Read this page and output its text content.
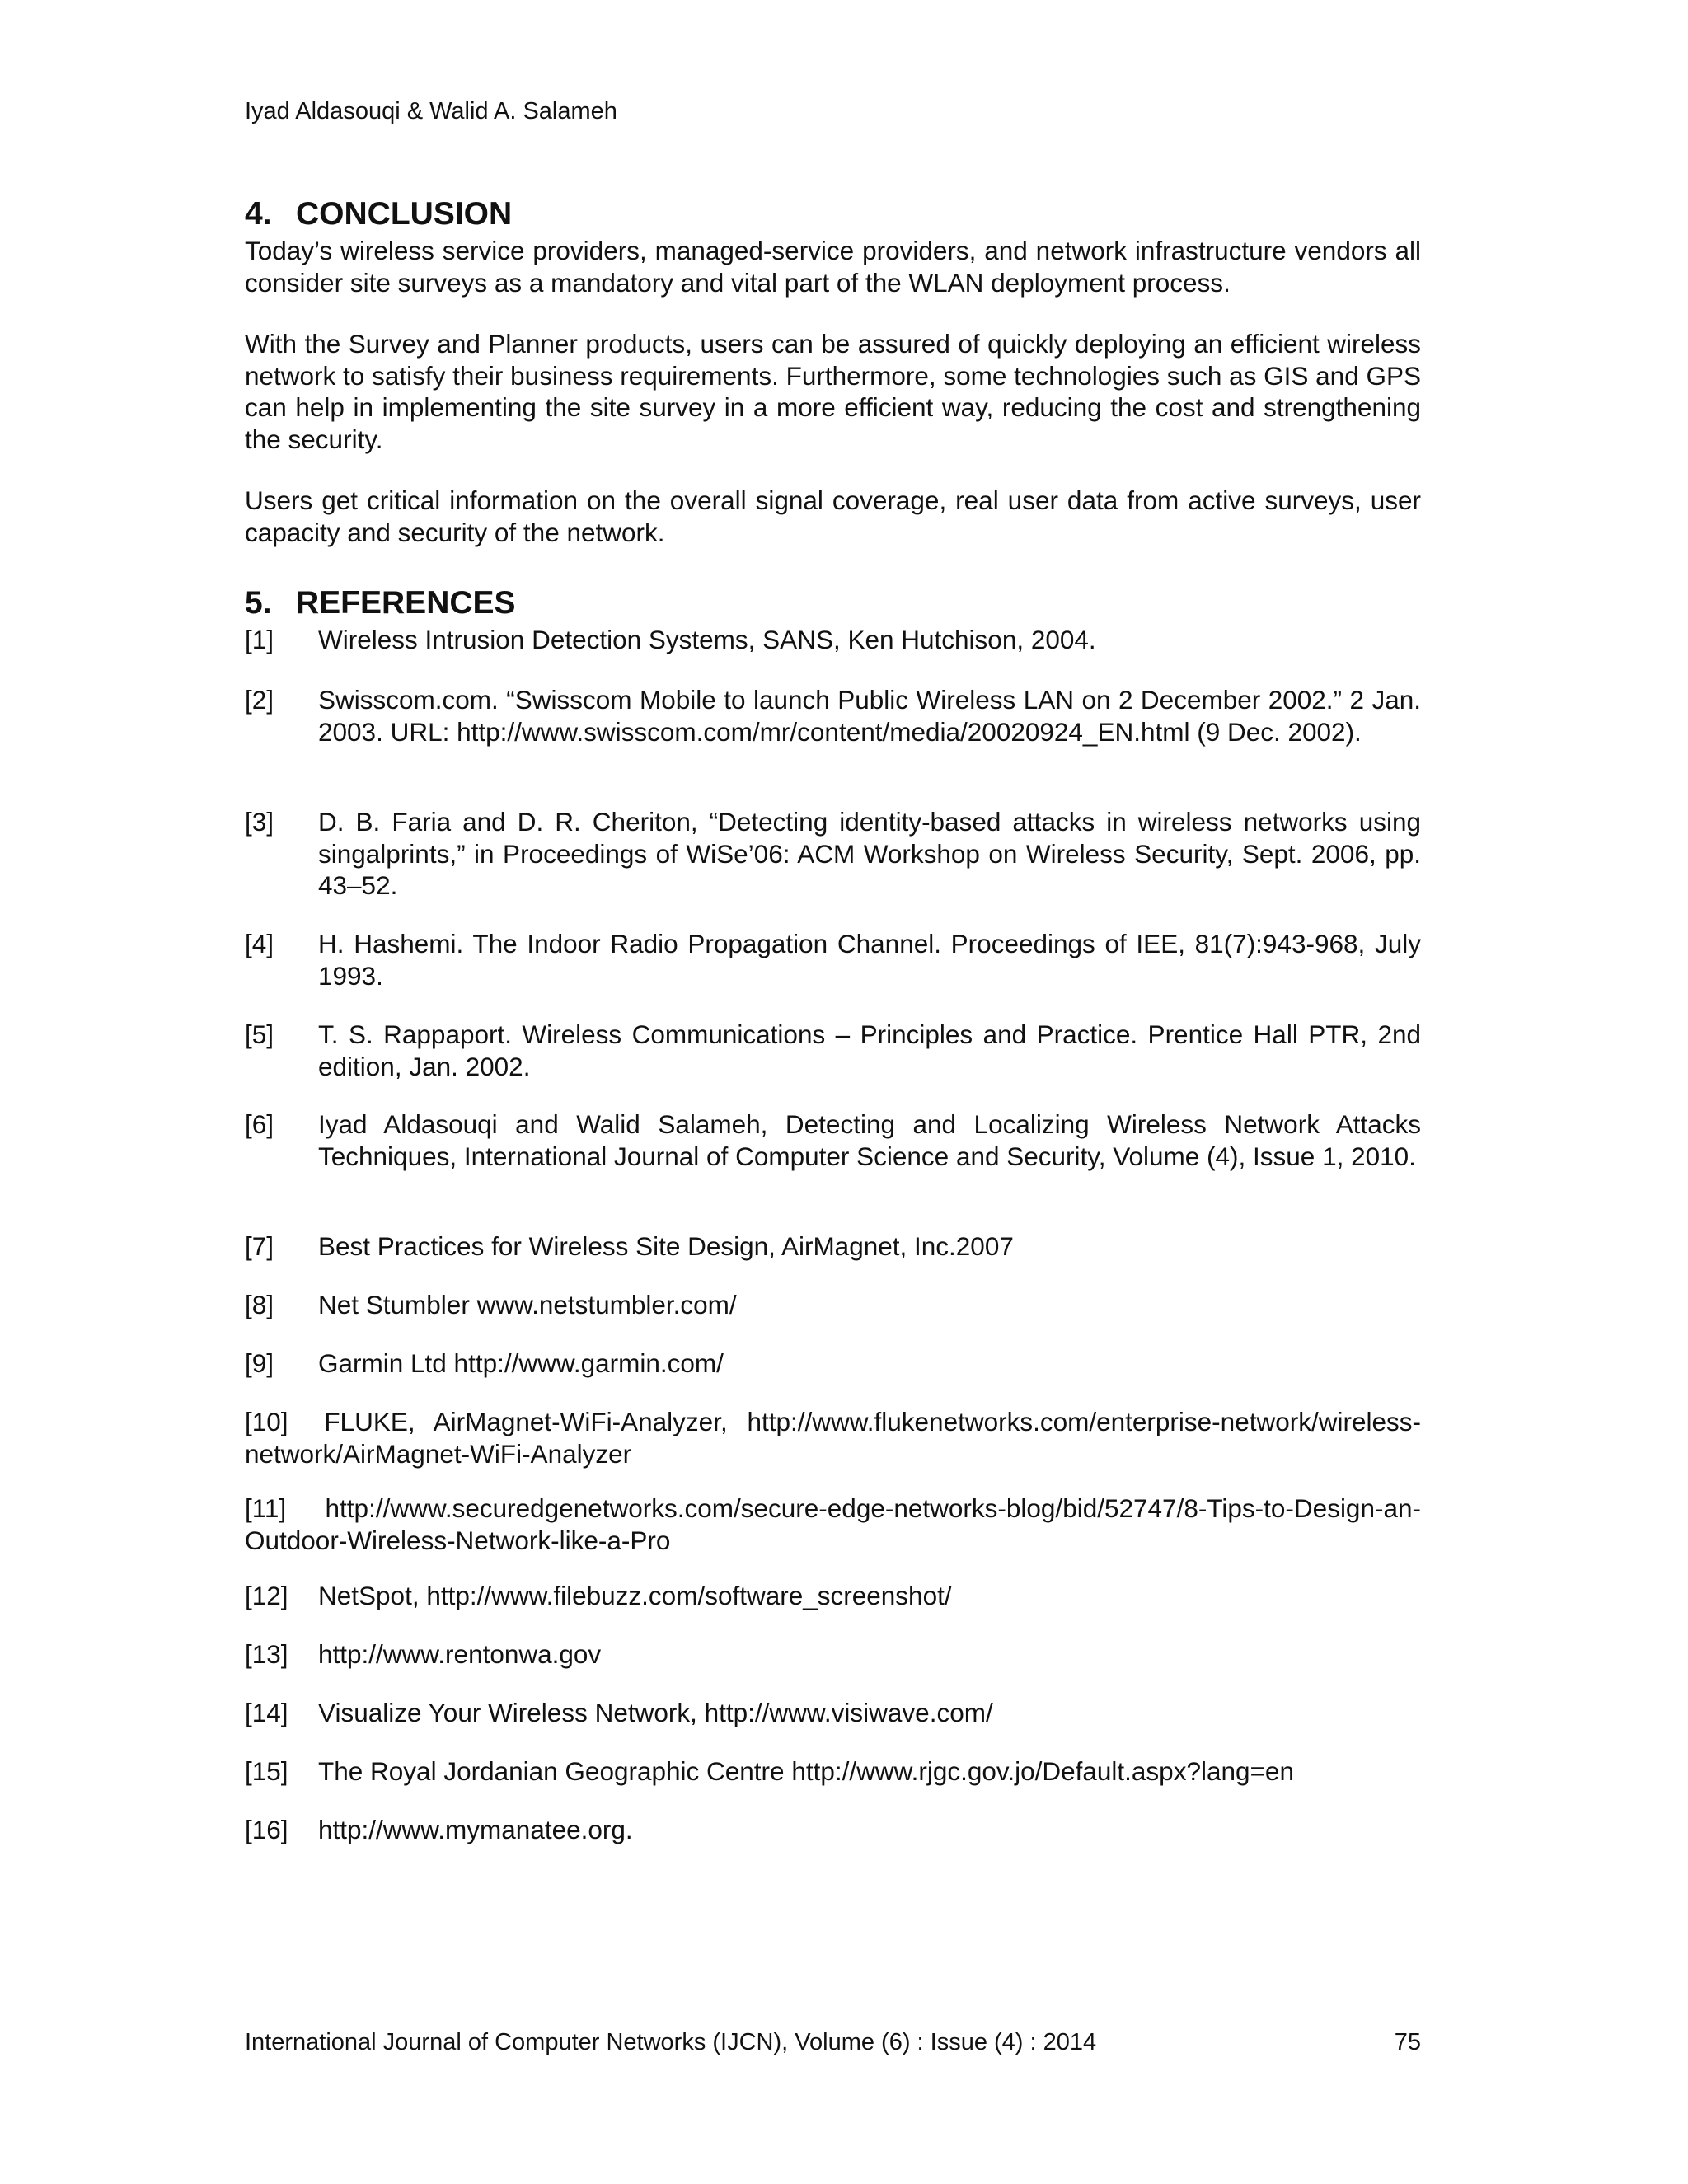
Iyad Aldasouqi & Walid A. Salameh
4. CONCLUSION

Today’s wireless service providers, managed-service providers, and network infrastructure vendors all consider site surveys as a mandatory and vital part of the WLAN deployment process.

With the Survey and Planner products, users can be assured of quickly deploying an efficient wireless network to satisfy their business requirements. Furthermore, some technologies such as GIS and GPS can help in implementing the site survey in a more efficient way, reducing the cost and strengthening the security.

Users get critical information on the overall signal coverage, real user data from active surveys, user capacity and security of the network.

5. REFERENCES
[1] Wireless Intrusion Detection Systems, SANS, Ken Hutchison, 2004.
[2] Swisscom.com. “Swisscom Mobile to launch Public Wireless LAN on 2 December 2002.” 2 Jan. 2003. URL: http://www.swisscom.com/mr/content/media/20020924_EN.html (9 Dec. 2002).
[3] D. B. Faria and D. R. Cheriton, “Detecting identity-based attacks in wireless networks using singalprints,” in Proceedings of WiSe’06: ACM Workshop on Wireless Security, Sept. 2006, pp. 43–52.
[4] H. Hashemi. The Indoor Radio Propagation Channel. Proceedings of IEE, 81(7):943-968, July 1993.
[5] T. S. Rappaport. Wireless Communications – Principles and Practice. Prentice Hall PTR, 2nd edition, Jan. 2002.
[6] Iyad Aldasouqi and Walid Salameh, Detecting and Localizing Wireless Network Attacks Techniques, International Journal of Computer Science and Security, Volume (4), Issue 1, 2010.
[7] Best Practices for Wireless Site Design, AirMagnet, Inc.2007
[8] Net Stumbler www.netstumbler.com/
[9] Garmin Ltd http://www.garmin.com/
[10] FLUKE, AirMagnet-WiFi-Analyzer, http://www.flukenetworks.com/enterprise-network/wireless-network/AirMagnet-WiFi-Analyzer
[11] http://www.securedgenetworks.com/secure-edge-networks-blog/bid/52747/8-Tips-to-Design-an-Outdoor-Wireless-Network-like-a-Pro
[12] NetSpot, http://www.filebuzz.com/software_screenshot/
[13] http://www.rentonwa.gov
[14] Visualize Your Wireless Network, http://www.visiwave.com/
[15] The Royal Jordanian Geographic Centre http://www.rjgc.gov.jo/Default.aspx?lang=en
[16] http://www.mymanatee.org.
International Journal of Computer Networks (IJCN), Volume (6) : Issue (4) : 2014	75
